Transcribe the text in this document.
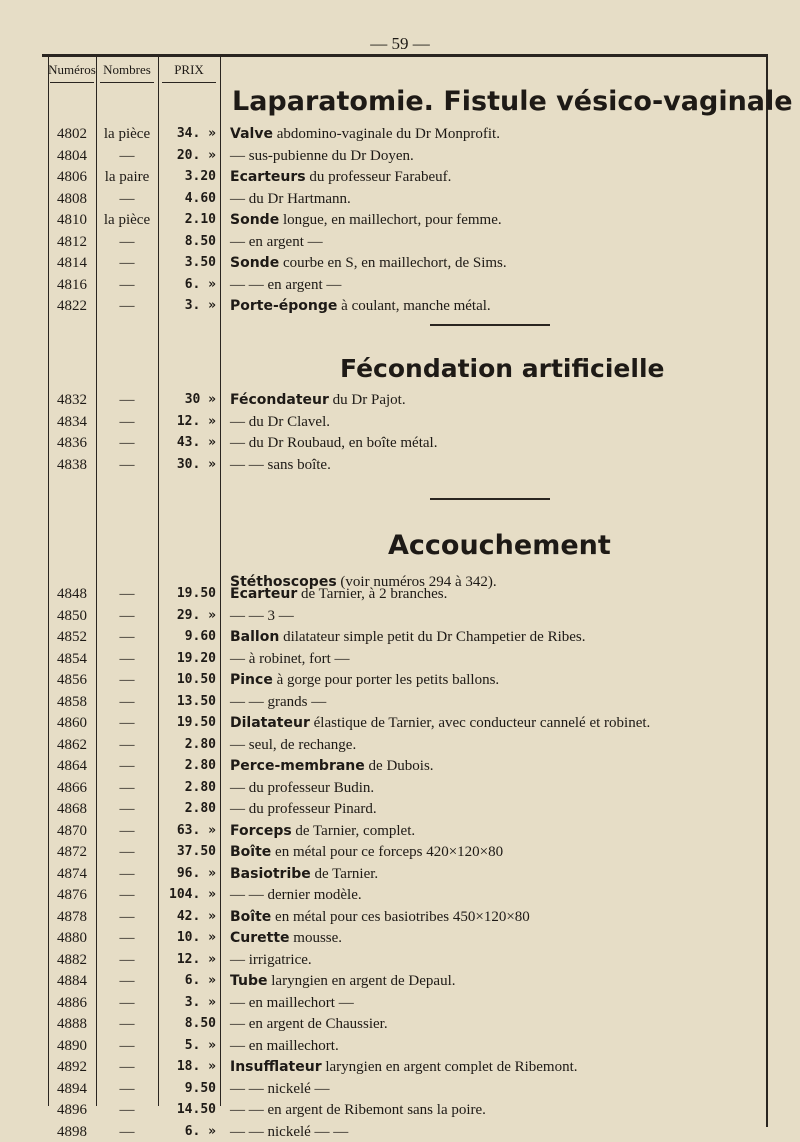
— 59 —
Numéros Nombres	PRIX
Laparatomie. Fistule vésico-vaginale
Fécondation artificielle
Accouchement
Stéthoscopes (voir numéros 294 à 342).
4802	la pièce	34. » Valve abdomino-vaginale du Dr Monprofit.
4804	—	20. » — sus-pubienne du Dr Doyen.
4806	la paire	3.20 Ecarteurs du professeur Farabeuf.
4808	—	4.60 — du Dr Hartmann.
4810	la pièce	2.10 Sonde longue, en maillechort, pour femme.
4812	—	8.50 — en argent —
4814	—	3.50 Sonde courbe en S, en maillechort, de Sims.
4816	—	6. » — — en argent —
4822	—	3. » Porte-éponge à coulant, manche métal.
4832	—	30 » Fécondateur du Dr Pajot.
4834	—	12. » — du Dr Clavel.
4836	—	43. » — du Dr Roubaud, en boîte métal.
4838	—	30. » — — sans boîte.
4848	—	19.50 Ecarteur de Tarnier, à 2 branches.
4850	—	29. » — — 3 —
4852	—	9.60 Ballon dilatateur simple petit du Dr Champetier de Ribes.
4854	—	19.20 — à robinet, fort —
4856	—	10.50 Pince à gorge pour porter les petits ballons.
4858	—	13.50 — — grands —
4860	—	19.50 Dilatateur élastique de Tarnier, avec conducteur cannelé et robinet.
4862	—	2.80 — seul, de rechange.
4864	—	2.80 Perce-membrane de Dubois.
4866	—	2.80 — du professeur Budin.
4868	—	2.80 — du professeur Pinard.
4870	—	63. » Forceps de Tarnier, complet.
4872	—	37.50 Boîte en métal pour ce forceps 420×120×80
4874	—	96. » Basiotribe de Tarnier.
4876	—	104. » — — dernier modèle.
4878	—	42. » Boîte en métal pour ces basiotribes 450×120×80
4880	—	10. » Curette mousse.
4882	—	12. » — irrigatrice.
4884	—	6. » Tube laryngien en argent de Depaul.
4886	—	3. » — en maillechort —
4888	—	8.50 — en argent de Chaussier.
4890	—	5. » — en maillechort.
4892	—	18. » Insufflateur laryngien en argent complet de Ribemont.
4894	—	9.50 — — nickelé —
4896	—	14.50 — — en argent de Ribemont sans la poire.
4898	—	6. » — — nickelé — —
